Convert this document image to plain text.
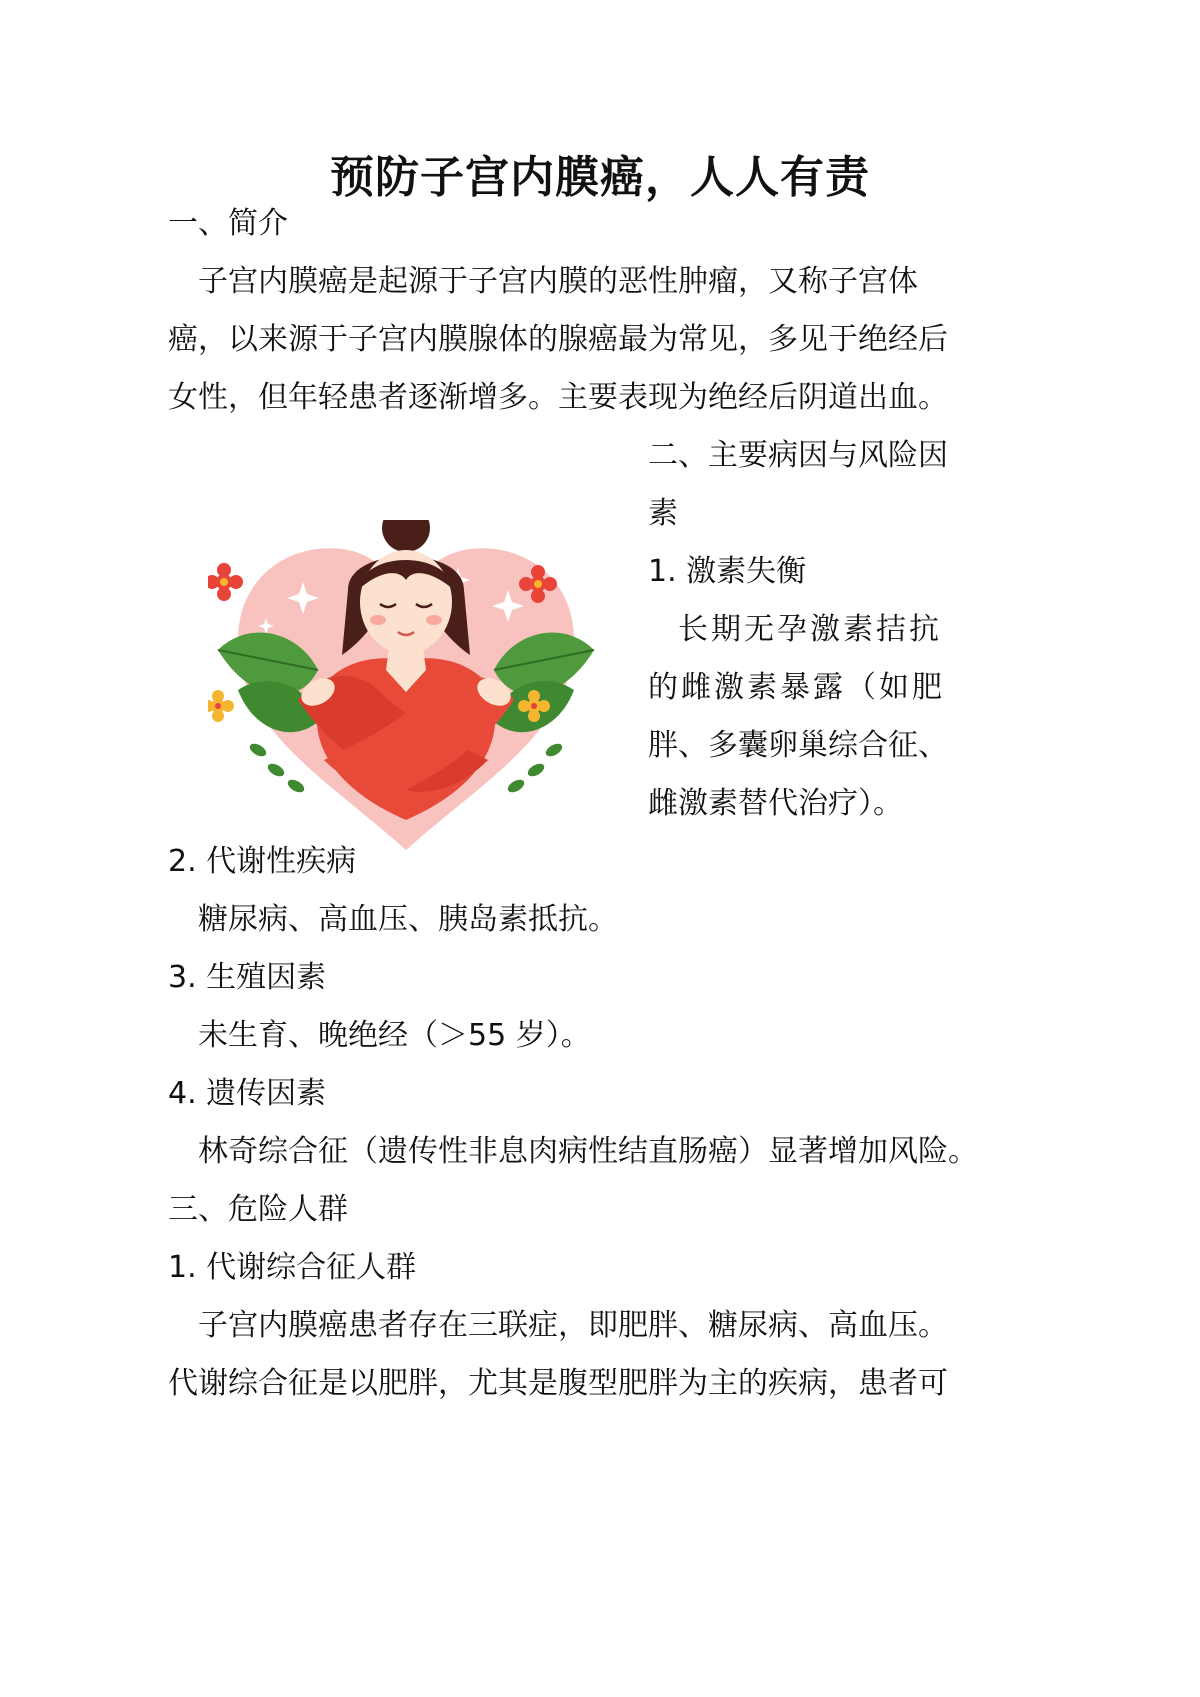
预防子宫内膜癌，人人有责
一、简介
子宫内膜癌是起源于子宫内膜的恶性肿瘤，又称子宫体
癌，以来源于子宫内膜腺体的腺癌最为常见，多见于绝经后
女性，但年轻患者逐渐增多。主要表现为绝经后阴道出血。
二、主要病因与风险因
素
1. 激素失衡
长期无孕激素拮抗
的雌激素暴露（如肥
胖、多囊卵巢综合征、
雌激素替代治疗）。
2. 代谢性疾病
糖尿病、高血压、胰岛素抵抗。
3. 生殖因素
未生育、晚绝经（＞55 岁）。
4. 遗传因素
林奇综合征（遗传性非息肉病性结直肠癌）显著增加风险。
三、危险人群
1. 代谢综合征人群
子宫内膜癌患者存在三联症，即肥胖、糖尿病、高血压。
代谢综合征是以肥胖，尤其是腹型肥胖为主的疾病，患者可
